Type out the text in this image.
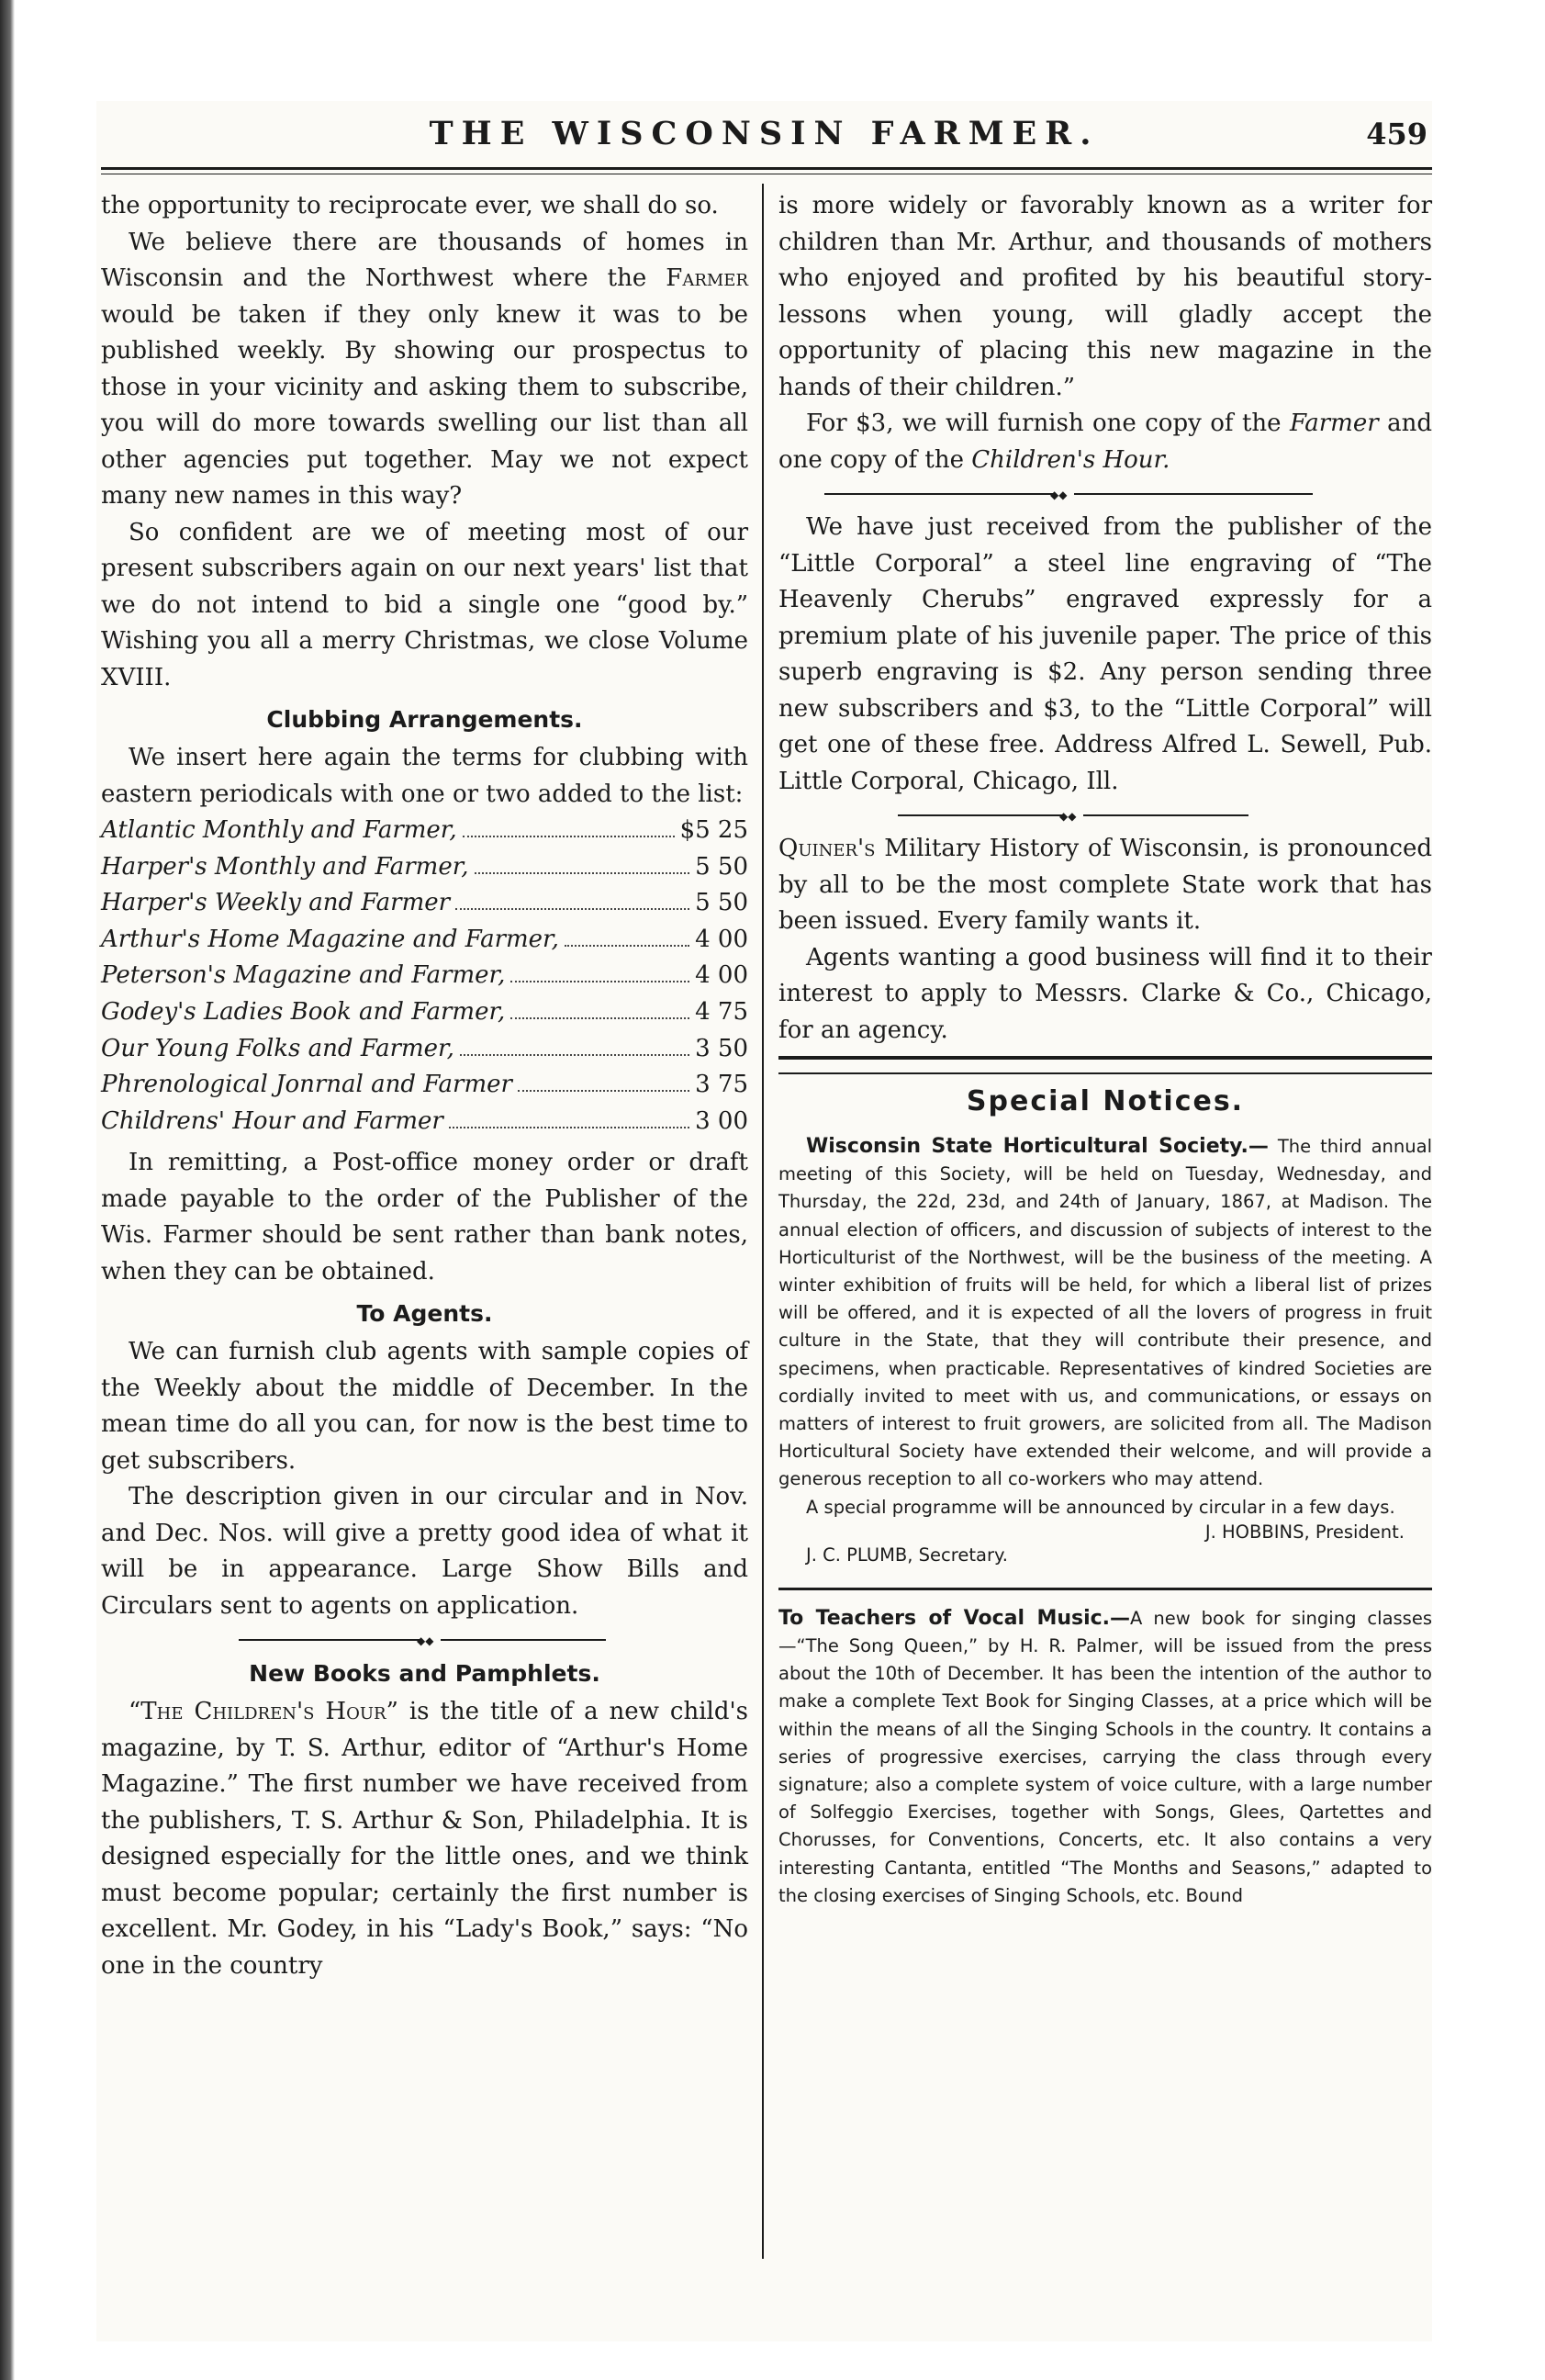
THE WISCONSIN FARMER.	459

the opportunity to reciprocate ever, we shall do so.

We believe there are thousands of homes in Wisconsin and the Northwest where the Farmer would be taken if they only knew it was to be published weekly. By showing our prospectus to those in your vicinity and asking them to subscribe, you will do more towards swelling our list than all other agencies put together. May we not expect many new names in this way?

So confident are we of meeting most of our present subscribers again on our next years' list that we do not intend to bid a single one “good by.” Wishing you all a merry Christmas, we close Volume XVIII.

Clubbing Arrangements.

We insert here again the terms for clubbing with eastern periodicals with one or two added to the list:

Atlantic Monthly and Farmer,	$5 25
Harper's Monthly and Farmer,	5 50
Harper's Weekly and Farmer	5 50
Arthur's Home Magazine and Farmer,	4 00
Peterson's Magazine and Farmer,	4 00
Godey's Ladies Book and Farmer,	4 75
Our Young Folks and Farmer,	3 50
Phrenological Jonrnal and Farmer	3 75
Childrens' Hour and Farmer	3 00

In remitting, a Post-office money order or draft made payable to the order of the Publisher of the Wis. Farmer should be sent rather than bank notes, when they can be obtained.

To Agents.

We can furnish club agents with sample copies of the Weekly about the middle of December. In the mean time do all you can, for now is the best time to get subscribers.

The description given in our circular and in Nov. and Dec. Nos. will give a pretty good idea of what it will be in appearance. Large Show Bills and Circulars sent to agents on application.

◆◆
New Books and Pamphlets.

“The Children's Hour” is the title of a new child's magazine, by T. S. Arthur, editor of “Arthur's Home Magazine.” The first number we have received from the publishers, T. S. Arthur & Son, Philadelphia. It is designed especially for the little ones, and we think must become popular; certainly the first number is excellent. Mr. Godey, in his “Lady's Book,” says: “No one in the country

is more widely or favorably known as a writer for children than Mr. Arthur, and thousands of mothers who enjoyed and profited by his beautiful story-lessons when young, will gladly accept the opportunity of placing this new magazine in the hands of their children.”

For $3, we will furnish one copy of the Farmer and one copy of the Children's Hour.

◆◆

We have just received from the publisher of the “Little Corporal” a steel line engraving of “The Heavenly Cherubs” engraved expressly for a premium plate of his juvenile paper. The price of this superb engraving is $2. Any person sending three new subscribers and $3, to the “Little Corporal” will get one of these free. Address Alfred L. Sewell, Pub. Little Corporal, Chicago, Ill.

◆◆

Quiner's Military History of Wisconsin, is pronounced by all to be the most complete State work that has been issued. Every family wants it.

Agents wanting a good business will find it to their interest to apply to Messrs. Clarke & Co., Chicago, for an agency.

Special Notices.

Wisconsin State Horticultural Society.— The third annual meeting of this Society, will be held on Tuesday, Wednesday, and Thursday, the 22d, 23d, and 24th of January, 1867, at Madison. The annual election of officers, and discussion of subjects of interest to the Horticulturist of the Northwest, will be the business of the meeting. A winter exhibition of fruits will be held, for which a liberal list of prizes will be offered, and it is expected of all the lovers of progress in fruit culture in the State, that they will contribute their presence, and specimens, when practicable. Representatives of kindred Societies are cordially invited to meet with us, and communications, or essays on matters of interest to fruit growers, are solicited from all. The Madison Horticultural Society have extended their welcome, and will provide a generous reception to all co-workers who may attend.

A special programme will be announced by circular in a few days.

J. HOBBINS, President.
J. C. PLUMB, Secretary.

To Teachers of Vocal Music.—A new book for singing classes—“The Song Queen,” by H. R. Palmer, will be issued from the press about the 10th of December. It has been the intention of the author to make a complete Text Book for Singing Classes, at a price which will be within the means of all the Singing Schools in the country. It contains a series of progressive exercises, carrying the class through every signature; also a complete system of voice culture, with a large number of Solfeggio Exercises, together with Songs, Glees, Qartettes and Chorusses, for Conventions, Concerts, etc. It also contains a very interesting Cantanta, entitled “The Months and Seasons,” adapted to the closing exercises of Singing Schools, etc. Bound
